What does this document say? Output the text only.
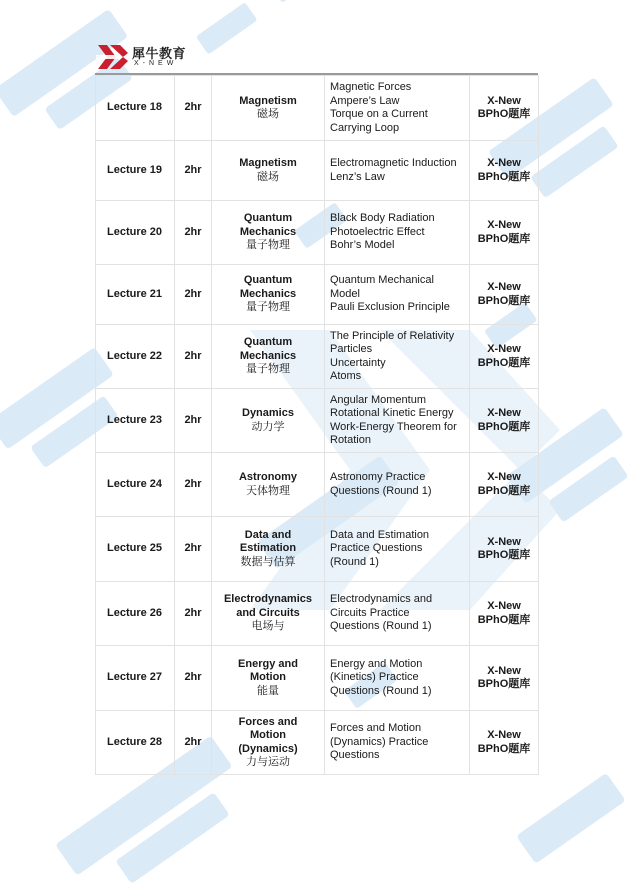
犀牛教育
X-NEW
Lecture 18	2hr	Magnetism
磁场	Magnetic Forces
Ampere’s Law
Torque on a Current
Carrying Loop	X-New
BPhO题库

Lecture 19	2hr	Magnetism
磁场	Electromagnetic Induction
Lenz’s Law	X-New
BPhO题库

Lecture 20	2hr	Quantum
Mechanics
量子物理	Black Body Radiation
Photoelectric Effect
Bohr’s Model	X-New
BPhO题库

Lecture 21	2hr	Quantum
Mechanics
量子物理	Quantum Mechanical
Model
Pauli Exclusion Principle	X-New
BPhO题库

Lecture 22	2hr	Quantum
Mechanics
量子物理	The Principle of Relativity
Particles
Uncertainty
Atoms	X-New
BPhO题库

Lecture 23	2hr	Dynamics
动力学	Angular Momentum
Rotational Kinetic Energy
Work-Energy Theorem for
Rotation	X-New
BPhO题库

Lecture 24	2hr	Astronomy
天体物理	Astronomy Practice
Questions (Round 1)	X-New
BPhO题库

Lecture 25	2hr	Data and
Estimation
数据与估算	Data and Estimation
Practice Questions
(Round 1)	X-New
BPhO题库

Lecture 26	2hr	Electrodynamics
and Circuits
电场与	Electrodynamics and
Circuits Practice
Questions (Round 1)	X-New
BPhO题库

Lecture 27	2hr	Energy and
Motion
能量	Energy and Motion
(Kinetics) Practice
Questions (Round 1)	X-New
BPhO题库

Lecture 28	2hr	Forces and
Motion
(Dynamics)
力与运动	Forces and Motion
(Dynamics) Practice
Questions	X-New
BPhO题库
